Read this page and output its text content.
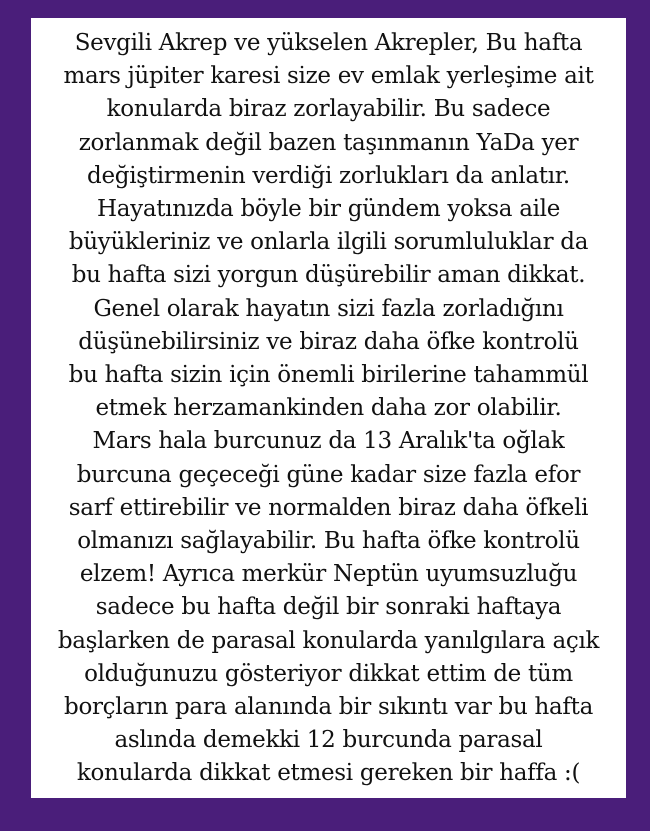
Sevgili Akrep ve yükselen Akrepler, Bu hafta
mars jüpiter karesi size ev emlak yerleşime ait
konularda biraz zorlayabilir. Bu sadece
zorlanmak değil bazen taşınmanın YaDa yer
değiştirmenin verdiği zorlukları da anlatır.
Hayatınızda böyle bir gündem yoksa aile
büyükleriniz ve onlarla ilgili sorumluluklar da
bu hafta sizi yorgun düşürebilir aman dikkat.
Genel olarak hayatın sizi fazla zorladığını
düşünebilirsiniz ve biraz daha öfke kontrolü
bu hafta sizin için önemli birilerine tahammül
etmek herzamankinden daha zor olabilir.
Mars hala burcunuz da 13 Aralık'ta oğlak
burcuna geçeceği güne kadar size fazla efor
sarf ettirebilir ve normalden biraz daha öfkeli
olmanızı sağlayabilir. Bu hafta öfke kontrolü
elzem! Ayrıca merkür Neptün uyumsuzluğu
sadece bu hafta değil bir sonraki haftaya
başlarken de parasal konularda yanılgılara açık
olduğunuzu gösteriyor dikkat ettim de tüm
borçların para alanında bir sıkıntı var bu hafta
aslında demekki 12 burcunda parasal
konularda dikkat etmesi gereken bir haffa :(
